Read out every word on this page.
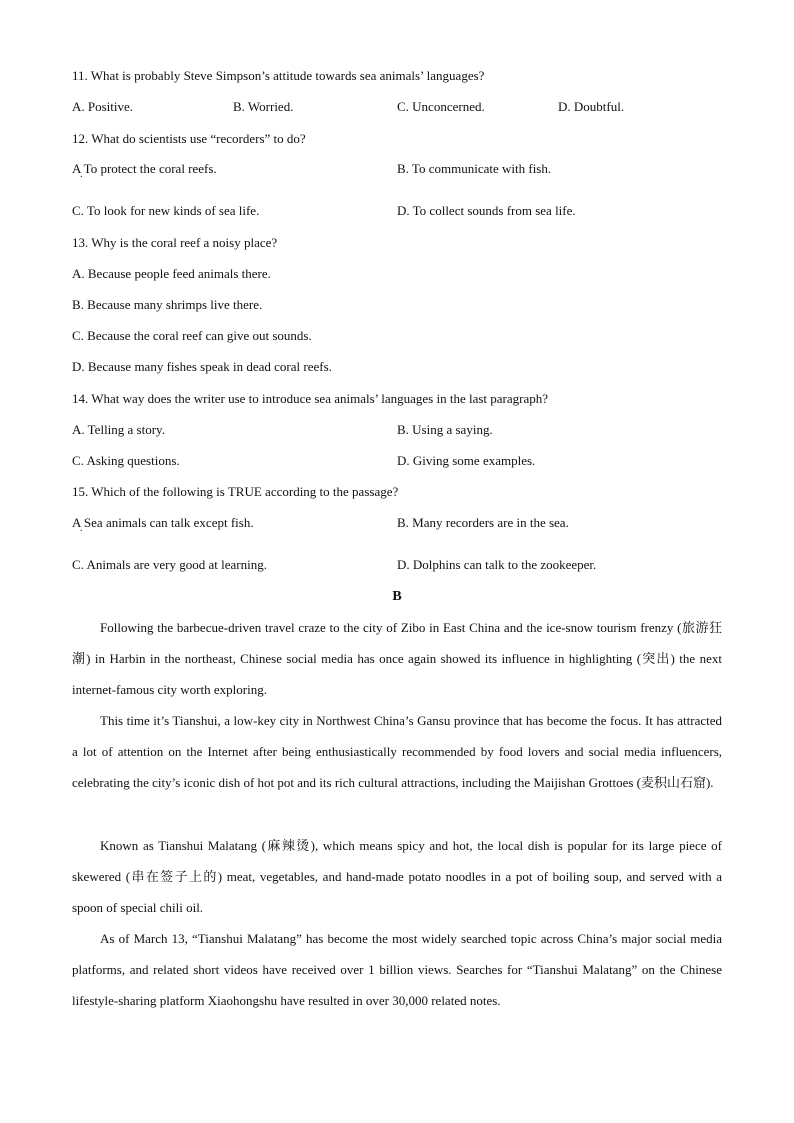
11. What is probably Steve Simpson’s attitude towards sea animals’ languages?
A. Positive.	B. Worried.	C. Unconcerned.	D. Doubtful.
12. What do scientists use “recorders” to do?
A To protect the coral reefs. .	B. To communicate with fish.
C. To look for new kinds of sea life.	D. To collect sounds from sea life.
13. Why is the coral reef a noisy place?
A. Because people feed animals there.
B. Because many shrimps live there.
C. Because the coral reef can give out sounds.
D. Because many fishes speak in dead coral reefs.
14. What way does the writer use to introduce sea animals’ languages in the last paragraph?
A. Telling a story.	B. Using a saying.
C. Asking questions.	D. Giving some examples.
15. Which of the following is TRUE according to the passage?
A Sea animals can talk except fish. .	B. Many recorders are in the sea.
C. Animals are very good at learning.	D. Dolphins can talk to the zookeeper.
B
Following the barbecue-driven travel craze to the city of Zibo in East China and the ice-snow tourism frenzy (旅游狂潮) in Harbin in the northeast, Chinese social media has once again showed its influence in highlighting (突出) the next internet-famous city worth exploring.
This time it’s Tianshui, a low-key city in Northwest China’s Gansu province that has become the focus. It has attracted a lot of attention on the Internet after being enthusiastically recommended by food lovers and social media influencers, celebrating the city’s iconic dish of hot pot and its rich cultural attractions, including the Maijishan Grottoes (麦积山石窟).
Known as Tianshui Malatang (麻辣烫), which means spicy and hot, the local dish is popular for its large piece of skewered (串在签子上的) meat, vegetables, and hand-made potato noodles in a pot of boiling soup, and served with a spoon of special chili oil.
As of March 13, “Tianshui Malatang” has become the most widely searched topic across China’s major social media platforms, and related short videos have received over 1 billion views. Searches for “Tianshui Malatang” on the Chinese lifestyle-sharing platform Xiaohongshu have resulted in over 30,000 related notes.
